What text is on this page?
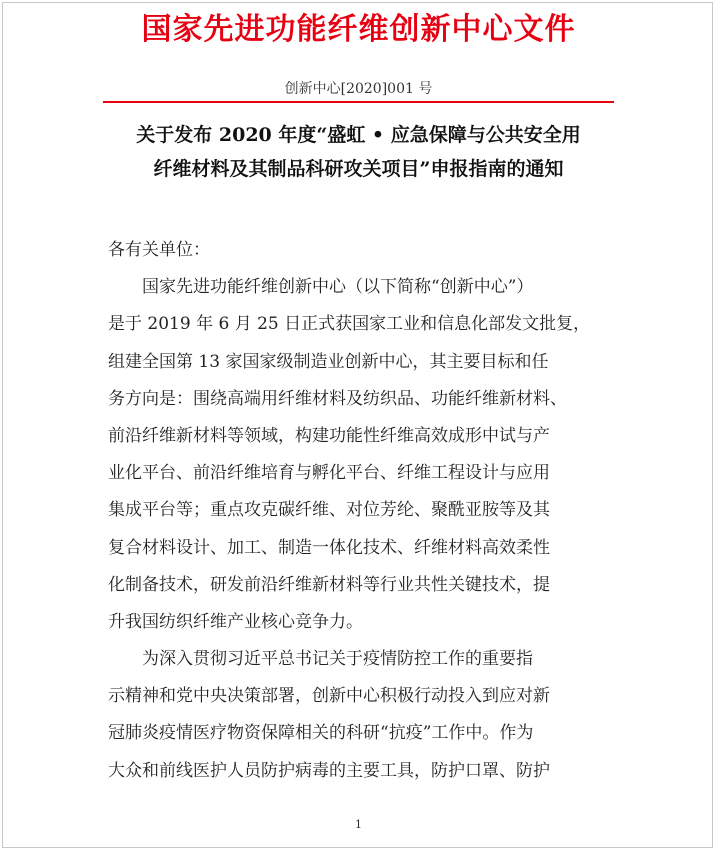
国家先进功能纤维创新中心文件
创新中心[2020]001 号
关于发布 2020 年度“盛虹 • 应急保障与公共安全用
纤维材料及其制品科研攻关项目”申报指南的通知
各有关单位：
国家先进功能纤维创新中心（以下简称“创新中心”）
是于 2019 年 6 月 25 日正式获国家工业和信息化部发文批复，
组建全国第 13 家国家级制造业创新中心，其主要目标和任
务方向是：围绕高端用纤维材料及纺织品、功能纤维新材料、
前沿纤维新材料等领域，构建功能性纤维高效成形中试与产
业化平台、前沿纤维培育与孵化平台、纤维工程设计与应用
集成平台等；重点攻克碳纤维、对位芳纶、聚酰亚胺等及其
复合材料设计、加工、制造一体化技术、纤维材料高效柔性
化制备技术，研发前沿纤维新材料等行业共性关键技术，提
升我国纺织纤维产业核心竞争力。
为深入贯彻习近平总书记关于疫情防控工作的重要指
示精神和党中央决策部署，创新中心积极行动投入到应对新
冠肺炎疫情医疗物资保障相关的科研“抗疫”工作中。作为
大众和前线医护人员防护病毒的主要工具，防护口罩、防护
1
